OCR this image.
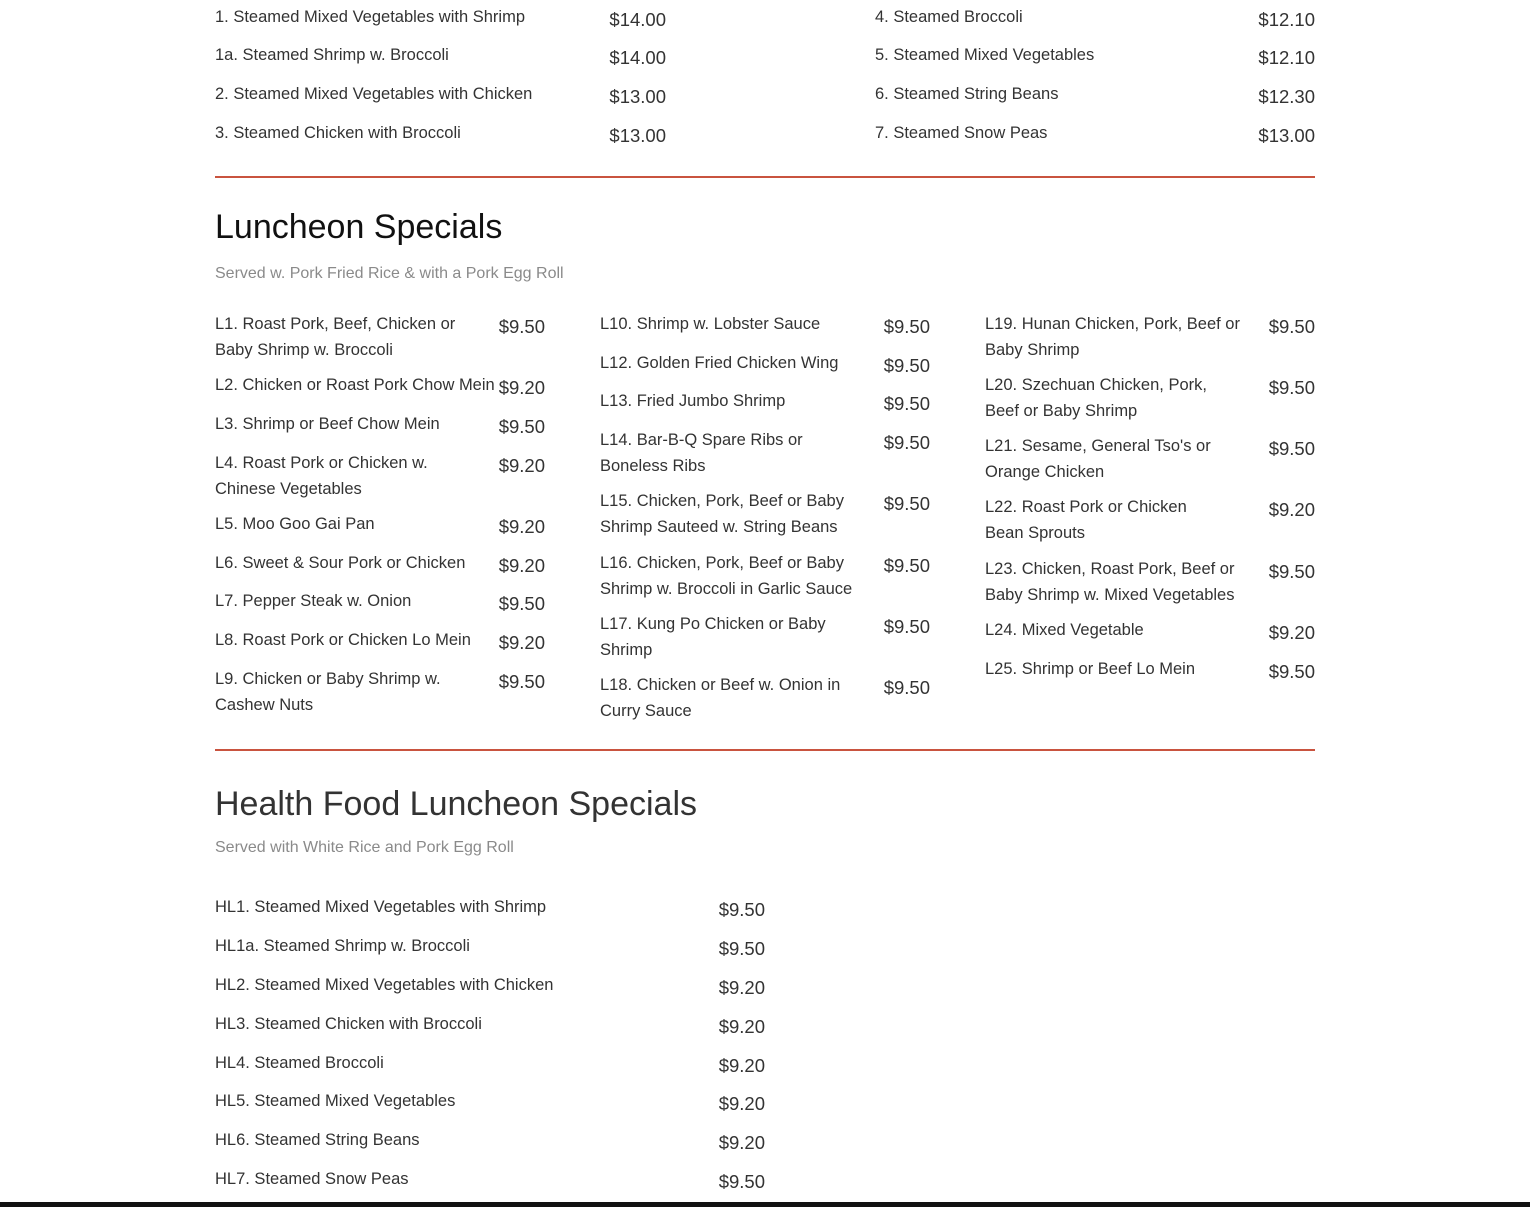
1. Steamed Mixed Vegetables with Shrimp	$14.00
1a. Steamed Shrimp w. Broccoli	$14.00
2. Steamed Mixed Vegetables with Chicken	$13.00
3. Steamed Chicken with Broccoli	$13.00
4. Steamed Broccoli	$12.10
5. Steamed Mixed Vegetables	$12.10
6. Steamed String Beans	$12.30
7. Steamed Snow Peas	$13.00
Luncheon Specials
Served w. Pork Fried Rice & with a Pork Egg Roll
L1. Roast Pork, Beef, Chicken or Baby Shrimp w. Broccoli
$9.50
L2. Chicken or Roast Pork Chow Mein $9.20
L3. Shrimp or Beef Chow Mein	$9.50
L4. Roast Pork or Chicken w. Chinese Vegetables
$9.20
L5. Moo Goo Gai Pan	$9.20
L6. Sweet & Sour Pork or Chicken	$9.20
L7. Pepper Steak w. Onion	$9.50
L8. Roast Pork or Chicken Lo Mein	$9.20
L9. Chicken or Baby Shrimp w. Cashew Nuts
$9.50
L10. Shrimp w. Lobster Sauce	$9.50
L12. Golden Fried Chicken Wing	$9.50
L13. Fried Jumbo Shrimp	$9.50
L14. Bar-B-Q Spare Ribs or Boneless Ribs
$9.50
L15. Chicken, Pork, Beef or Baby Shrimp Sauteed w. String Beans
$9.50
L16. Chicken, Pork, Beef or Baby Shrimp w. Broccoli in Garlic Sauce
$9.50
L17. Kung Po Chicken or Baby Shrimp
$9.50
L18. Chicken or Beef w. Onion in Curry Sauce
$9.50
L19. Hunan Chicken, Pork, Beef or Baby Shrimp
$9.50
L20. Szechuan Chicken, Pork, Beef or Baby Shrimp
$9.50
L21. Sesame, General Tso's or Orange Chicken
$9.50
L22. Roast Pork or Chicken Bean Sprouts
$9.20
L23. Chicken, Roast Pork, Beef or Baby Shrimp w. Mixed Vegetables
$9.50
L24. Mixed Vegetable	$9.20
L25. Shrimp or Beef Lo Mein	$9.50
Health Food Luncheon Specials
Served with White Rice and Pork Egg Roll
HL1. Steamed Mixed Vegetables with Shrimp	$9.50
HL1a. Steamed Shrimp w. Broccoli	$9.50
HL2. Steamed Mixed Vegetables with Chicken	$9.20
HL3. Steamed Chicken with Broccoli	$9.20
HL4. Steamed Broccoli	$9.20
HL5. Steamed Mixed Vegetables	$9.20
HL6. Steamed String Beans	$9.20
HL7. Steamed Snow Peas	$9.50
